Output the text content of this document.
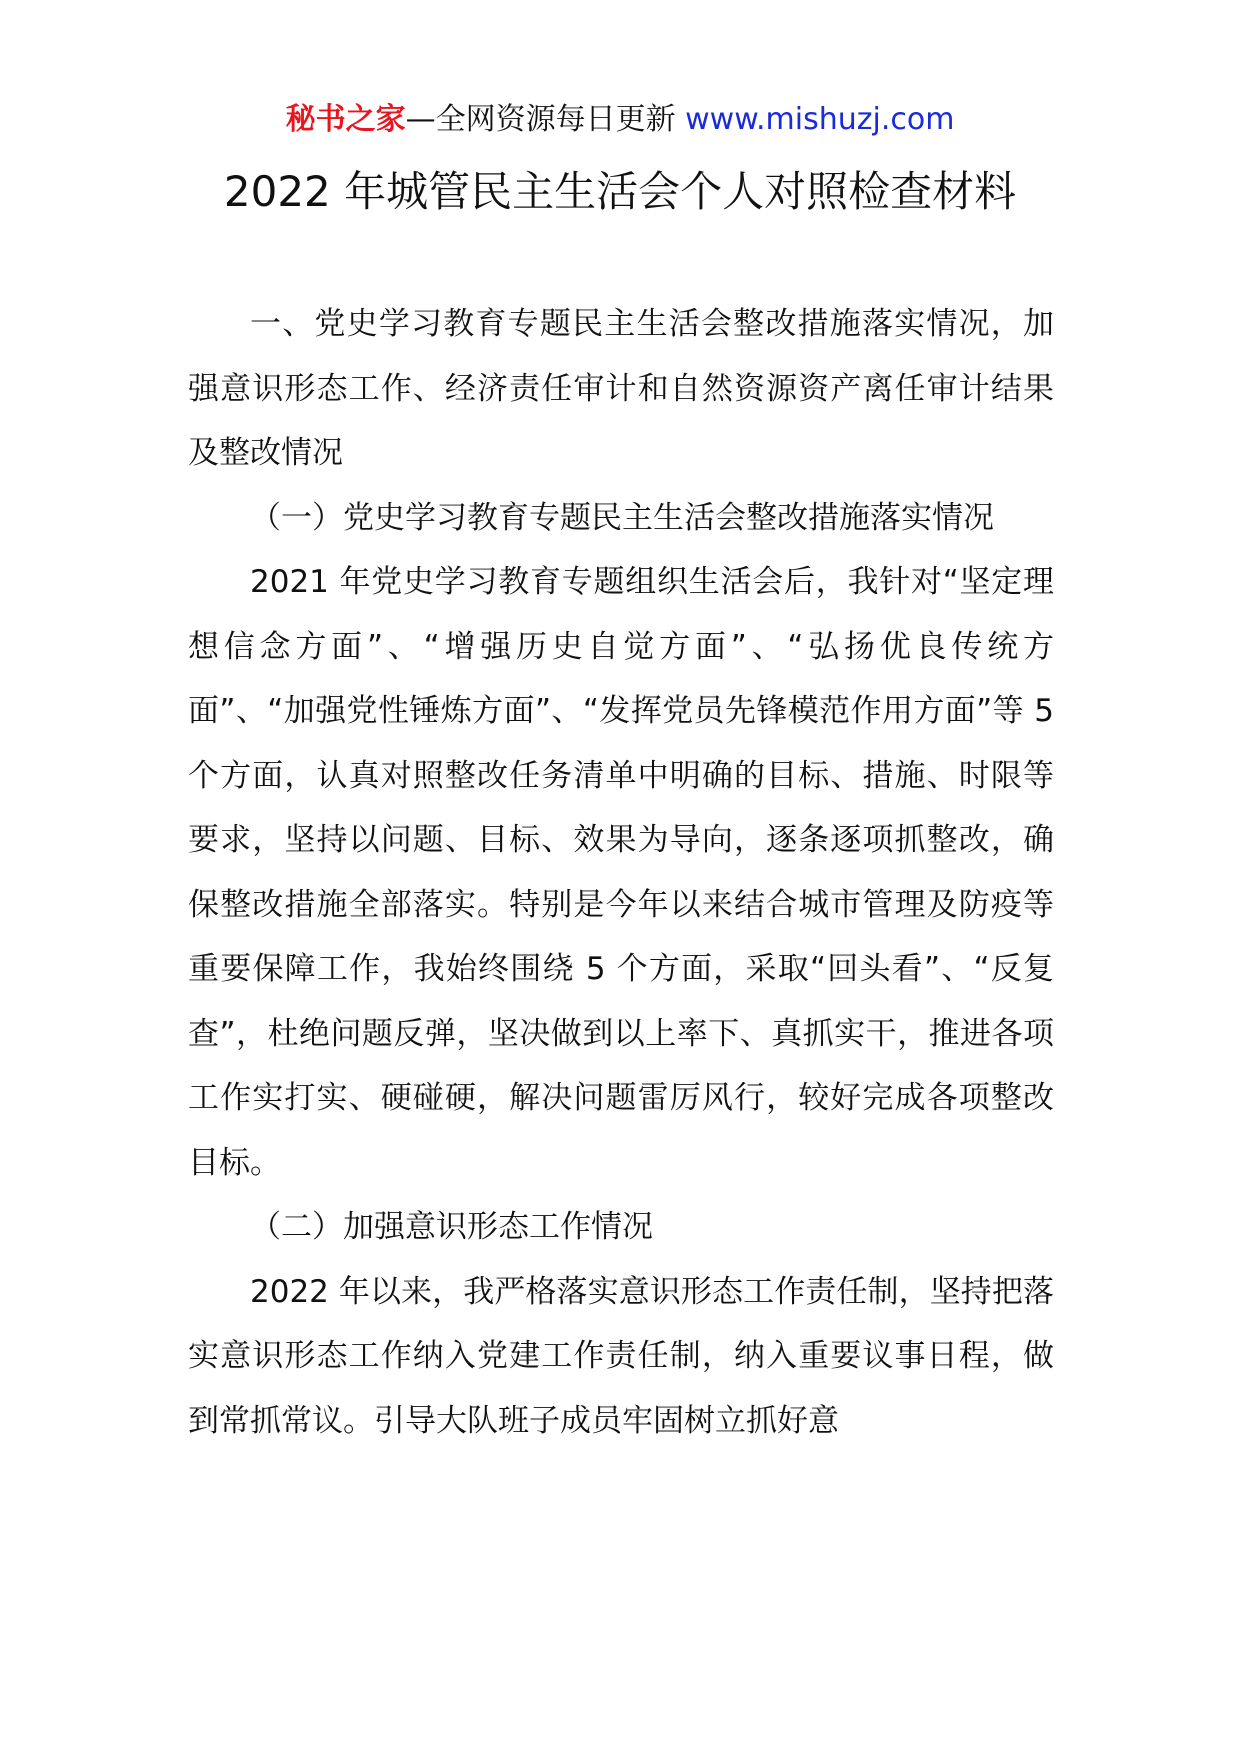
秘书之家—全网资源每日更新 www.mishuzj.com
2022 年城管民主生活会个人对照检查材料

一、党史学习教育专题民主生活会整改措施落实情况，加强意识形态工作、经济责任审计和自然资源资产离任审计结果及整改情况

（一）党史学习教育专题民主生活会整改措施落实情况

2021 年党史学习教育专题组织生活会后，我针对“坚定理想信念方面”、“增强历史自觉方面”、“弘扬优良传统方面”、“加强党性锤炼方面”、“发挥党员先锋模范作用方面”等 5 个方面，认真对照整改任务清单中明确的目标、措施、时限等要求，坚持以问题、目标、效果为导向，逐条逐项抓整改，确保整改措施全部落实。特别是今年以来结合城市管理及防疫等重要保障工作，我始终围绕 5 个方面，采取“回头看”、“反复查”，杜绝问题反弹，坚决做到以上率下、真抓实干，推进各项工作实打实、硬碰硬，解决问题雷厉风行，较好完成各项整改目标。

（二）加强意识形态工作情况

2022 年以来，我严格落实意识形态工作责任制，坚持把落实意识形态工作纳入党建工作责任制，纳入重要议事日程，做到常抓常议。引导大队班子成员牢固树立抓好意
